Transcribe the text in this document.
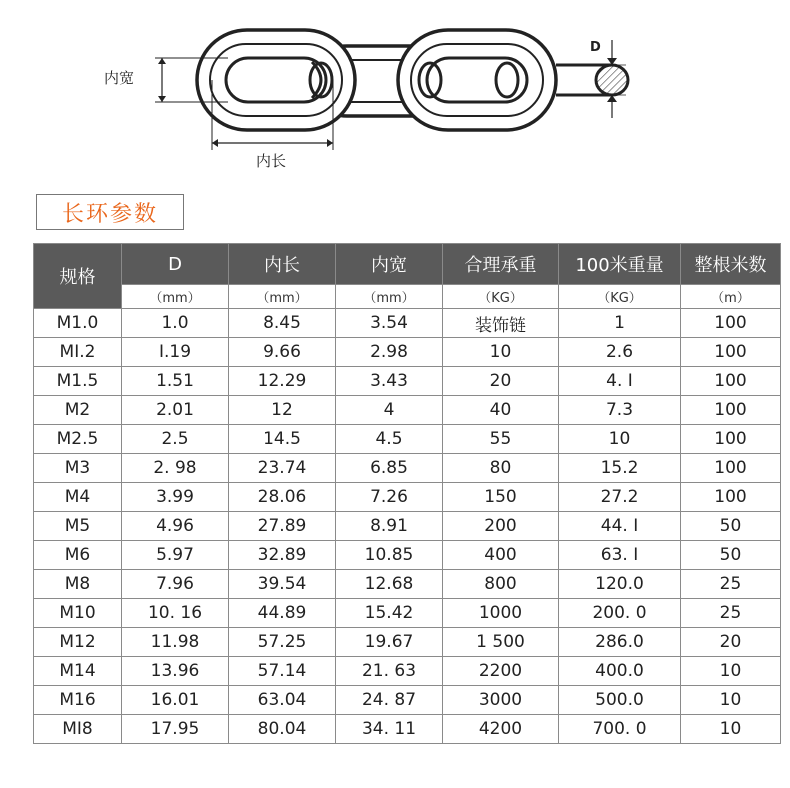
内宽
内长
D
长环参数
规格	D	内长	内宽	合理承重	100米重量	整根米数
	（mm）	（mm）	（mm）	（KG）	（KG）	（m）
M1.0	1.0	8.45	3.54	装饰链	1	100
MI.2	I.19	9.66	2.98	10	2.6	100
M1.5	1.51	12.29	3.43	20	4. I	100
M2	2.01	12	4	40	7.3	100
M2.5	2.5	14.5	4.5	55	10	100
M3	2. 98	23.74	6.85	80	15.2	100
M4	3.99	28.06	7.26	150	27.2	100
M5	4.96	27.89	8.91	200	44. I	50
M6	5.97	32.89	10.85	400	63. I	50
M8	7.96	39.54	12.68	800	120.0	25
M10	10. 16	44.89	15.42	1000	200. 0	25
M12	11.98	57.25	19.67	1 500	286.0	20
M14	13.96	57.14	21. 63	2200	400.0	10
M16	16.01	63.04	24. 87	3000	500.0	10
MI8	17.95	80.04	34. 11	4200	700. 0	10
